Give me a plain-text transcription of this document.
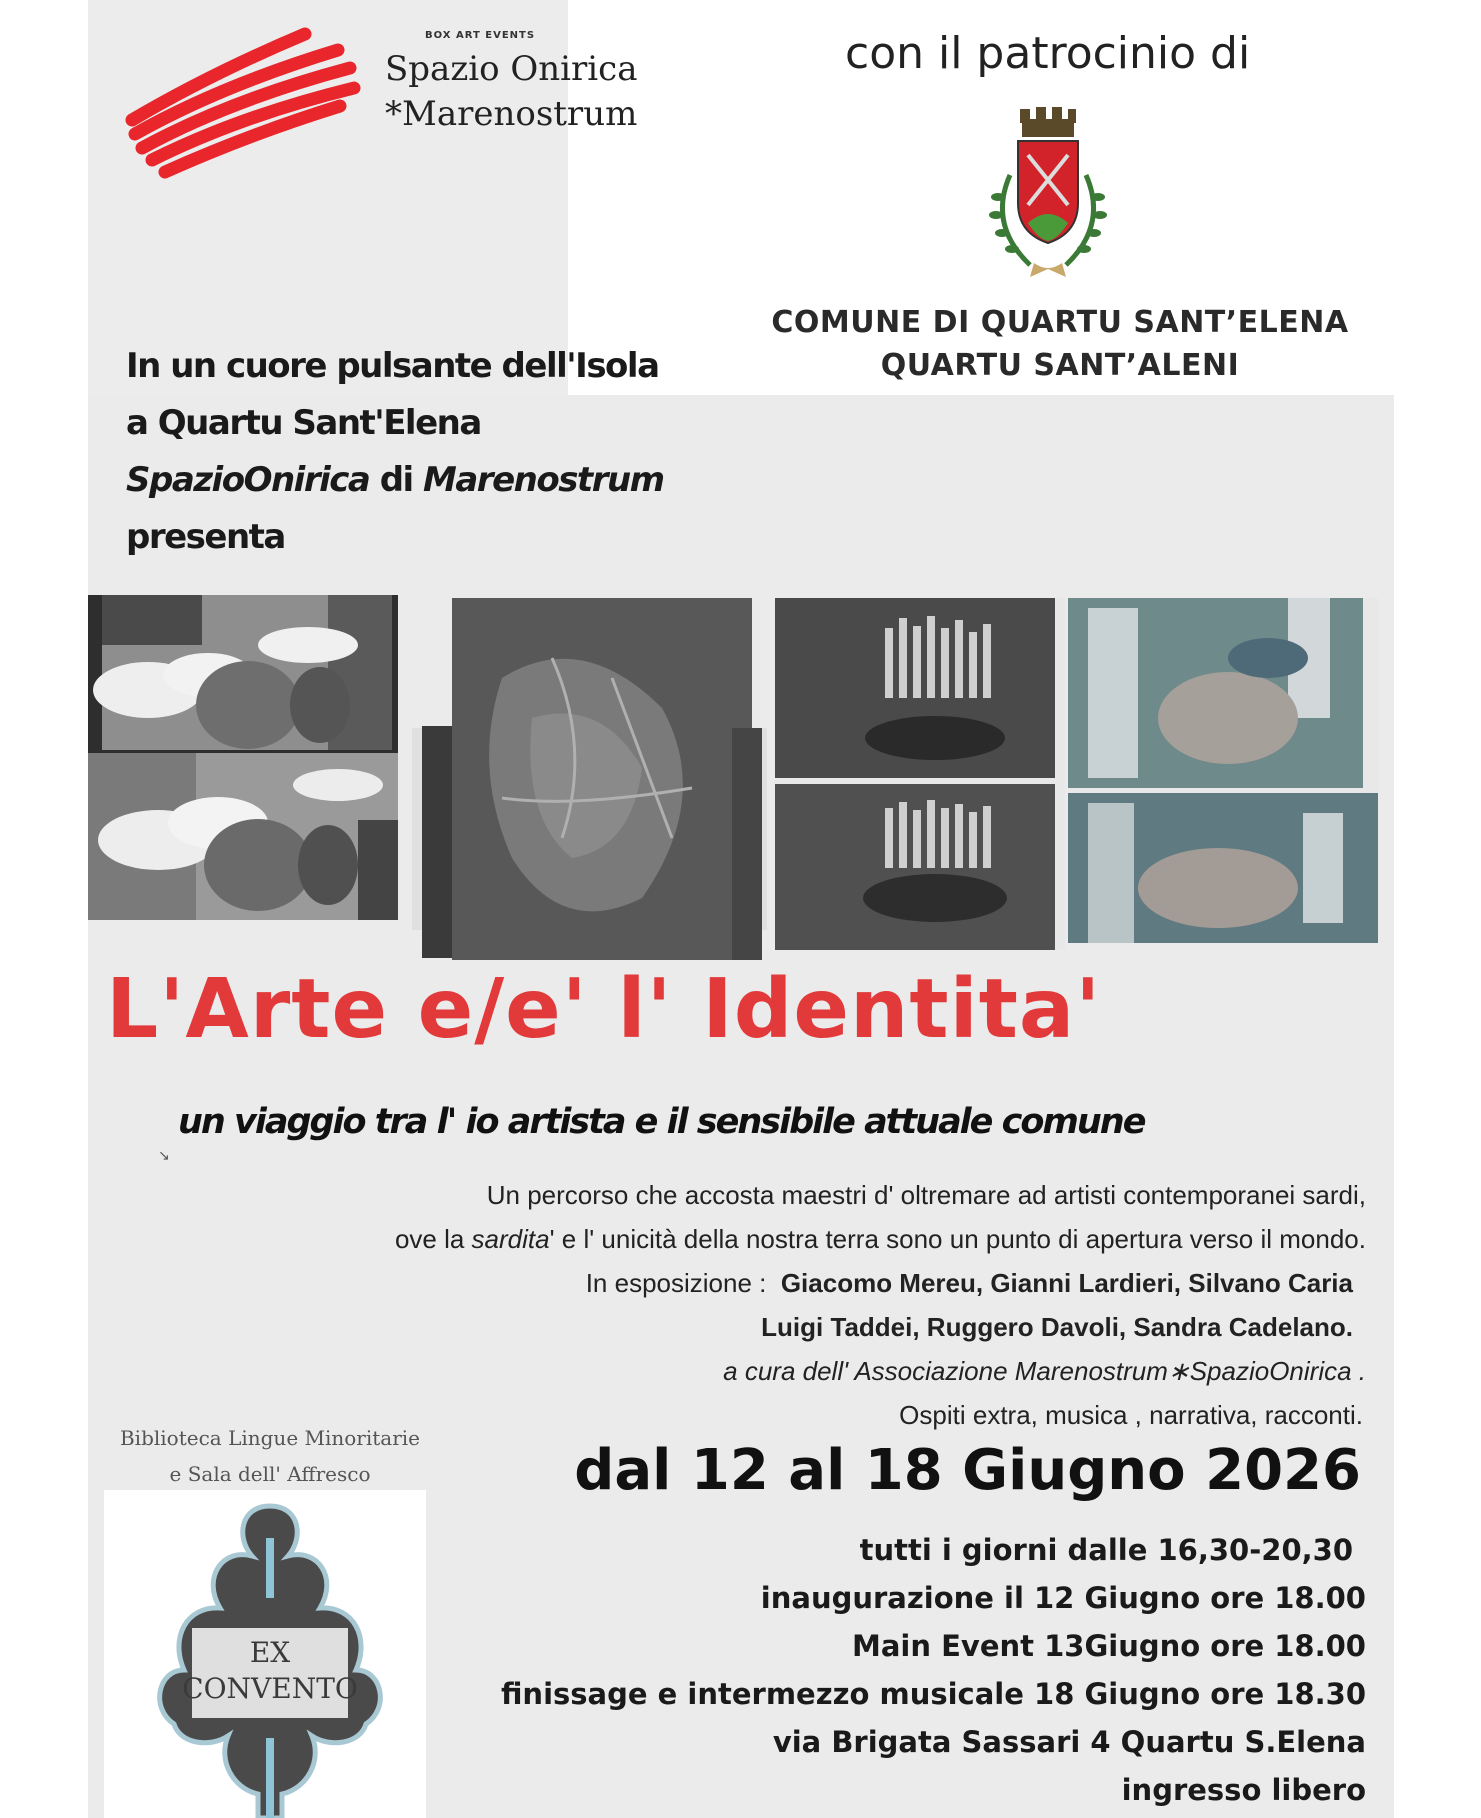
BOX ART EVENTS
Spazio Onirica
*Marenostrum
con il patrocinio di
COMUNE DI QUARTU SANT’ELENA
QUARTU SANT’ALENI
In un cuore pulsante dell'Isola
a Quartu Sant'Elena
SpazioOnirica di Marenostrum
presenta
L'Arte e/e' l' Identita'
un viaggio tra l' io artista e il sensibile attuale comune
↘
Un percorso che accosta maestri d' oltremare ad artisti contemporanei sardi,
ove la sardita' e l' unicità della nostra terra sono un punto di apertura verso il mondo.
In esposizione : Giacomo Mereu, Gianni Lardieri, Silvano Caria
Luigi Taddei, Ruggero Davoli, Sandra Cadelano.
a cura dell' Associazione Marenostrum∗SpazioOnirica .
Ospiti extra, musica , narrativa, racconti.
Biblioteca Lingue Minoritarie
e Sala dell' Affresco
EX
CONVENTO
dal 12 al 18 Giugno 2026
tutti i giorni dalle 16,30-20,30
inaugurazione il 12 Giugno ore 18.00
Main Event 13Giugno ore 18.00
finissage e intermezzo musicale 18 Giugno ore 18.30
via Brigata Sassari 4 Quartu S.Elena
ingresso libero
